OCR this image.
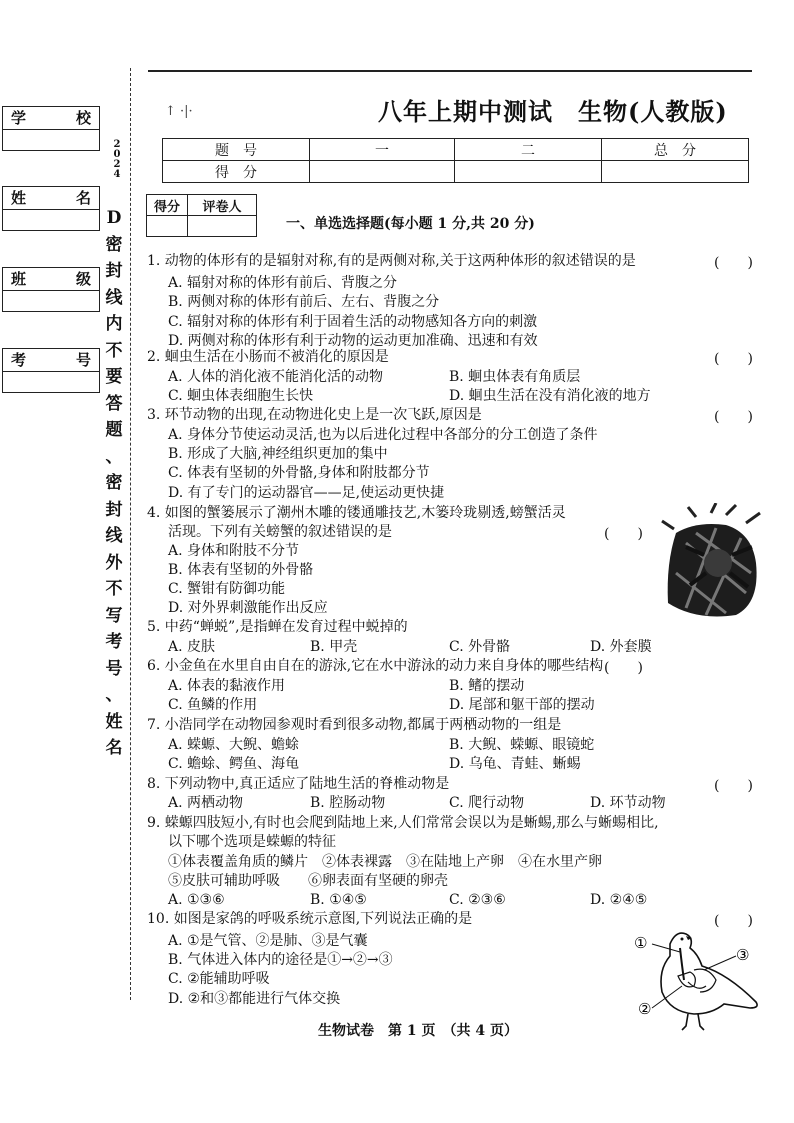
学	校
姓	名
班	级
考	号
2
0
2
4
D
密
封
线
内
不
要
答
题
、
密
封
线
外
不
写
考
号
、
姓
名
↑ ·|·	八年上期中测试　生物(人教版)
题　号	一	二	总　分
得　分			
得分	评卷人

一、单选选择题(每小题 1 分,共 20 分)
1. 动物的体形有的是辐射对称,有的是两侧对称,关于这两种体形的叙述错误的是
A. 辐射对称的体形有前后、背腹之分
B. 两侧对称的体形有前后、左右、背腹之分
C. 辐射对称的体形有利于固着生活的动物感知各方向的刺激
D. 两侧对称的体形有利于动物的运动更加准确、迅速和有效
2. 蛔虫生活在小肠而不被消化的原因是
A. 人体的消化液不能消化活的动物	B. 蛔虫体表有角质层
C. 蛔虫体表细胞生长快	D. 蛔虫生活在没有消化液的地方
3. 环节动物的出现,在动物进化史上是一次飞跃,原因是
A. 身体分节使运动灵活,也为以后进化过程中各部分的分工创造了条件
B. 形成了大脑,神经组织更加的集中
C. 体表有坚韧的外骨骼,身体和附肢都分节
D. 有了专门的运动器官——足,使运动更快捷
4. 如图的蟹篓展示了潮州木雕的镂通雕技艺,木篓玲珑剔透,螃蟹活灵
活现。下列有关螃蟹的叙述错误的是
A. 身体和附肢不分节
B. 体表有坚韧的外骨骼
C. 蟹钳有防御功能
D. 对外界刺激能作出反应
5. 中药“蝉蜕”,是指蝉在发育过程中蜕掉的
A. 皮肤	B. 甲壳	C. 外骨骼	D. 外套膜
6. 小金鱼在水里自由自在的游泳,它在水中游泳的动力来自身体的哪些结构
A. 体表的黏液作用	B. 鳍的摆动
C. 鱼鳞的作用	D. 尾部和躯干部的摆动
7. 小浩同学在动物园参观时看到很多动物,都属于两栖动物的一组是
A. 蝾螈、大鲵、蟾蜍	B. 大鲵、蝾螈、眼镜蛇
C. 蟾蜍、鳄鱼、海龟	D. 乌龟、青蛙、蜥蜴
8. 下列动物中,真正适应了陆地生活的脊椎动物是
A. 两栖动物	B. 腔肠动物	C. 爬行动物	D. 环节动物
9. 蝾螈四肢短小,有时也会爬到陆地上来,人们常常会误以为是蜥蜴,那么与蜥蜴相比,
以下哪个选项是蝾螈的特征
①体表覆盖角质的鳞片　②体表裸露　③在陆地上产卵　④在水里产卵
⑤皮肤可辅助呼吸　　⑥卵表面有坚硬的卵壳
A. ①③⑥	B. ①④⑤	C. ②③⑥	D. ②④⑤
10. 如图是家鸽的呼吸系统示意图,下列说法正确的是
A. ①是气管、②是肺、③是气囊
B. 气体进入体内的途径是①→②→③
C. ②能辅助呼吸
D. ②和③都能进行气体交换
(　　)
(　　)
(　　)
(　　)
(　　)
(　　)
(　　)
①
③
②
生物试卷　第 1 页　（共 4 页）
